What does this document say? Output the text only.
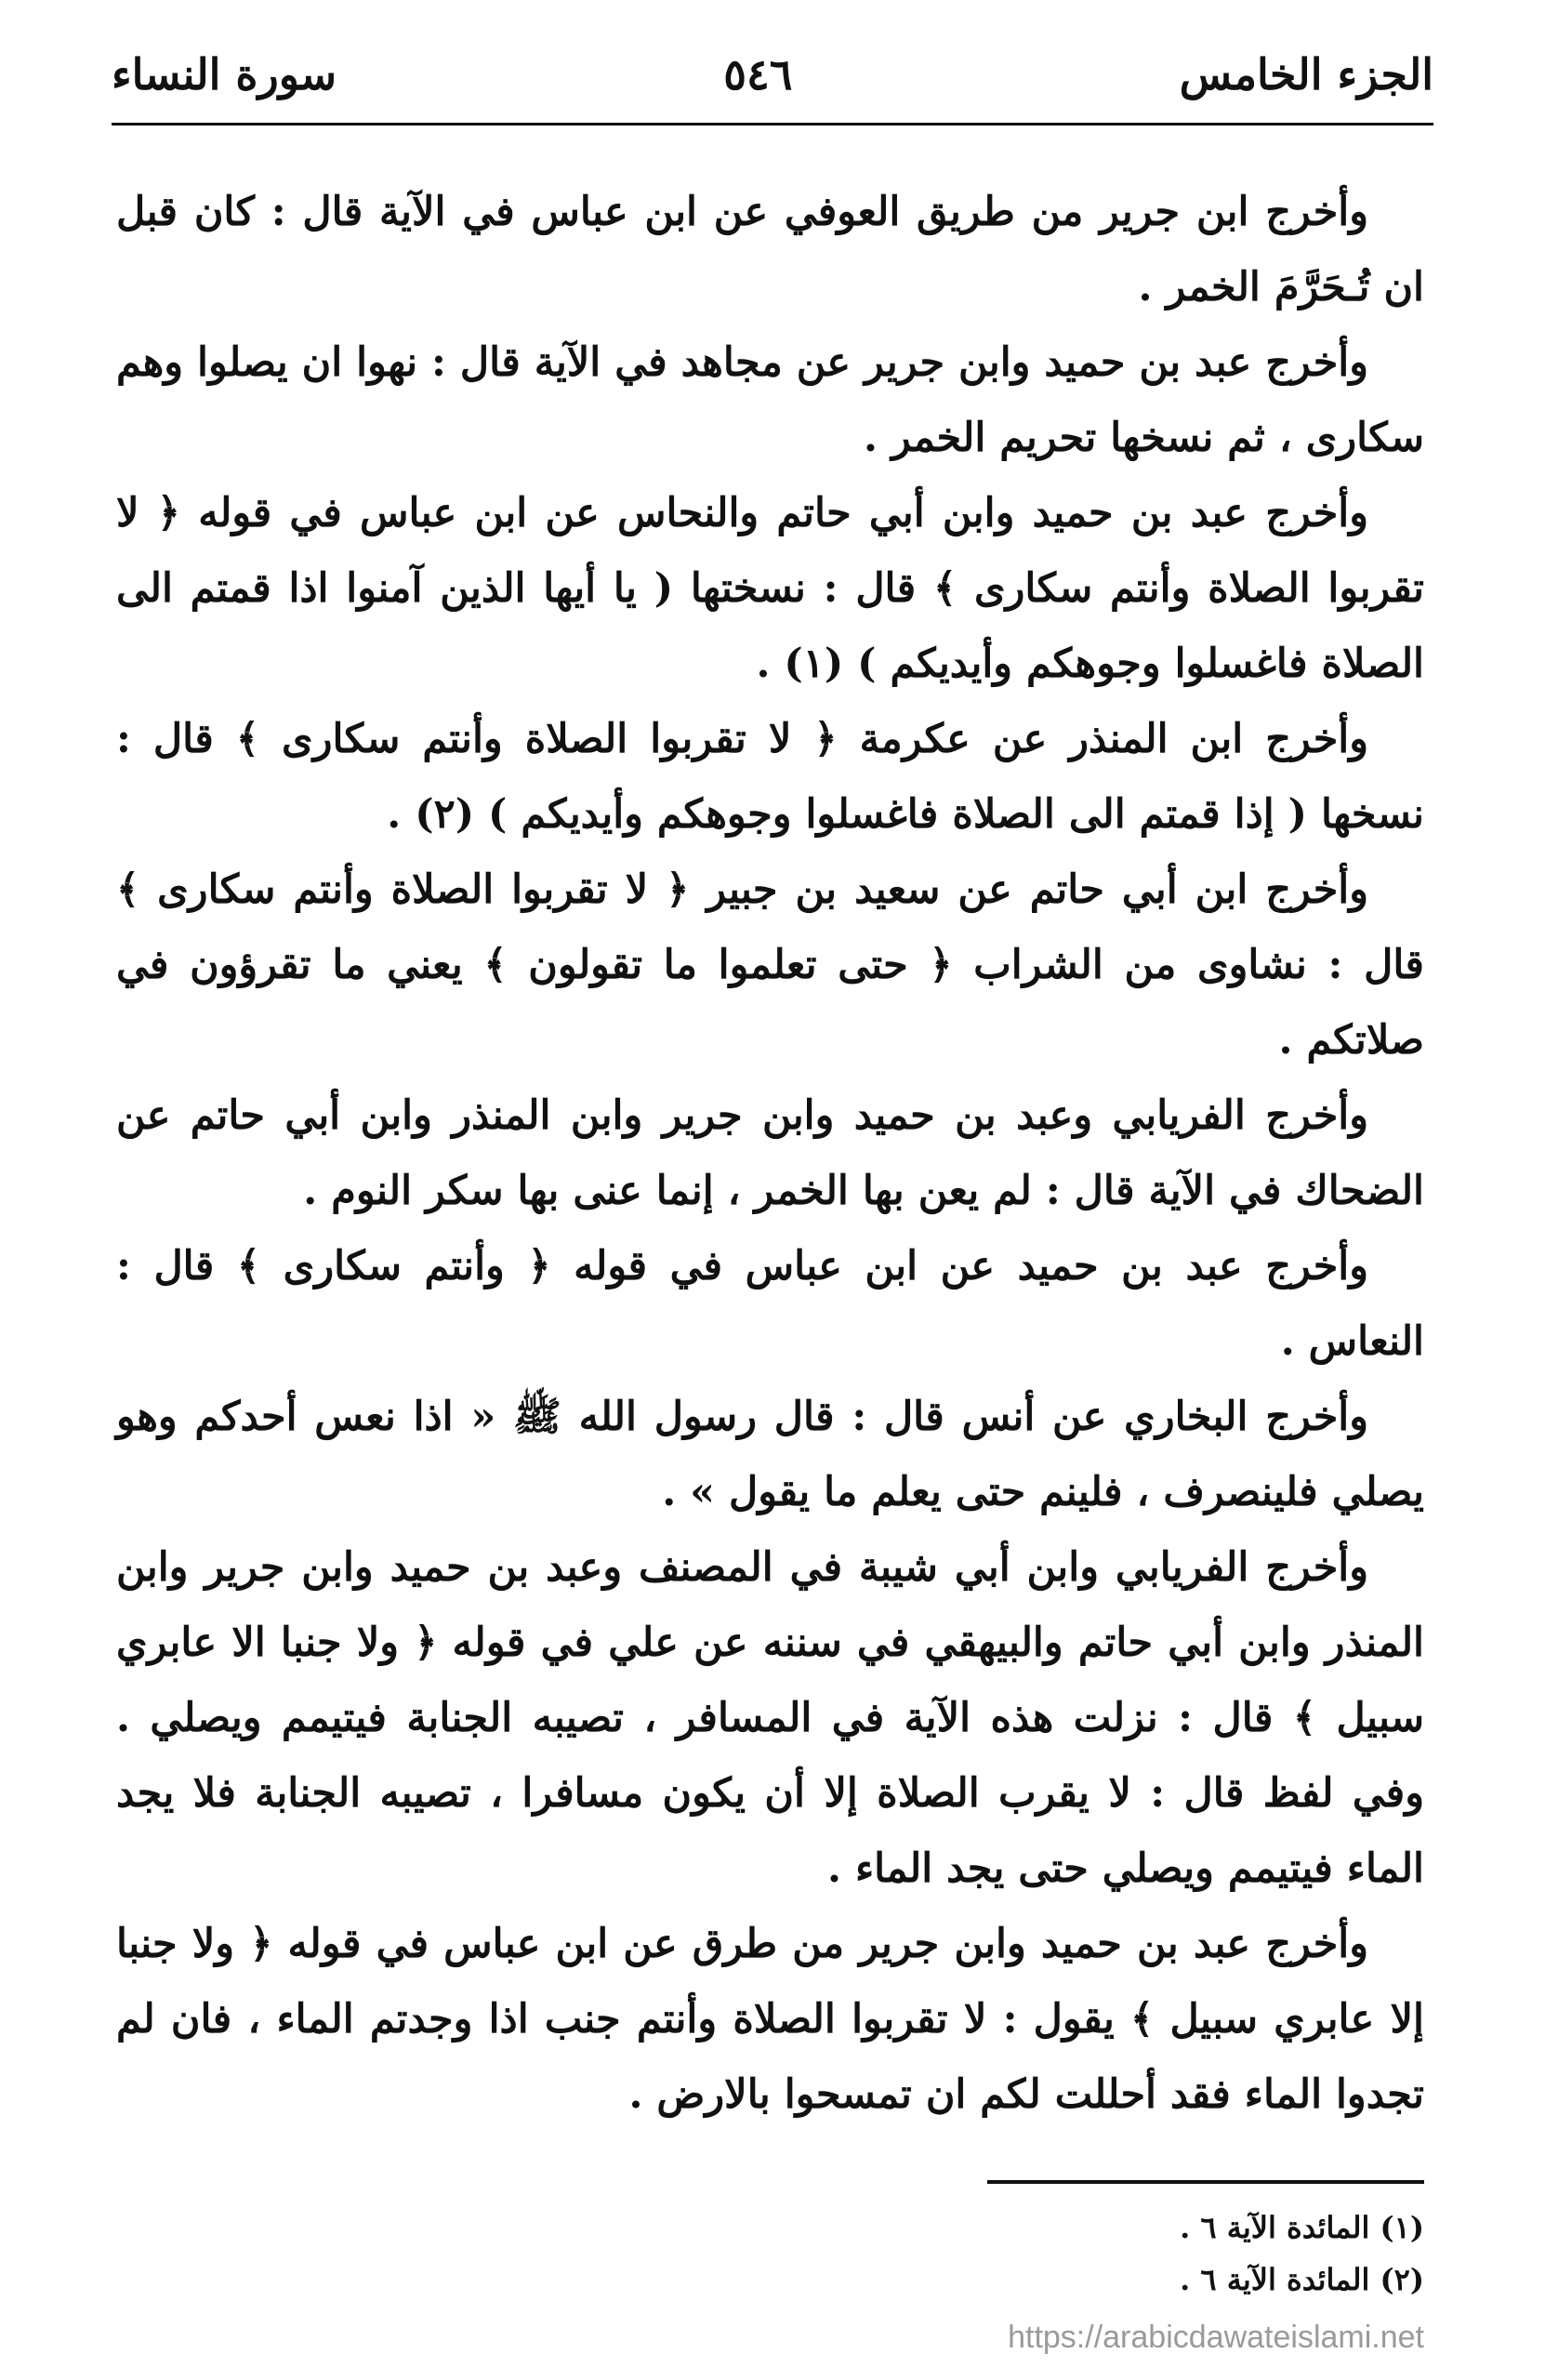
الجزء الخامس
٥٤٦
سورة النساء

وأخرج ابن جرير من طريق العوفي عن ابن عباس في الآية قال : كان قبل ان تُـحَرَّمَ الخمر .

وأخرج عبد بن حميد وابن جرير عن مجاهد في الآية قال : نهوا ان يصلوا وهم سكارى ، ثم نسخها تحريم الخمر .

وأخرج عبد بن حميد وابن أبي حاتم والنحاس عن ابن عباس في قوله ﴿ لا تقربوا الصلاة وأنتم سكارى ﴾ قال : نسختها ( يا أيها الذين آمنوا اذا قمتم الى الصلاة فاغسلوا وجوهكم وأيديكم ) (١) .

وأخرج ابن المنذر عن عكرمة ﴿ لا تقربوا الصلاة وأنتم سكارى ﴾ قال : نسخها ( إذا قمتم الى الصلاة فاغسلوا وجوهكم وأيديكم ) (٢) .

وأخرج ابن أبي حاتم عن سعيد بن جبير ﴿ لا تقربوا الصلاة وأنتم سكارى ﴾ قال : نشاوى من الشراب ﴿ حتى تعلموا ما تقولون ﴾ يعني ما تقرؤون في صلاتكم .

وأخرج الفريابي وعبد بن حميد وابن جرير وابن المنذر وابن أبي حاتم عن الضحاك في الآية قال : لم يعن بها الخمر ، إنما عنى بها سكر النوم .

وأخرج عبد بن حميد عن ابن عباس في قوله ﴿ وأنتم سكارى ﴾ قال : النعاس .

وأخرج البخاري عن أنس قال : قال رسول الله ﷺ « اذا نعس أحدكم وهو يصلي فلينصرف ، فلينم حتى يعلم ما يقول » .

وأخرج الفريابي وابن أبي شيبة في المصنف وعبد بن حميد وابن جرير وابن المنذر وابن أبي حاتم والبيهقي في سننه عن علي في قوله ﴿ ولا جنبا الا عابري سبيل ﴾ قال : نزلت هذه الآية في المسافر ، تصيبه الجنابة فيتيمم ويصلي . وفي لفظ قال : لا يقرب الصلاة إلا أن يكون مسافرا ، تصيبه الجنابة فلا يجد الماء فيتيمم ويصلي حتى يجد الماء .

وأخرج عبد بن حميد وابن جرير من طرق عن ابن عباس في قوله ﴿ ولا جنبا إلا عابري سبيل ﴾ يقول : لا تقربوا الصلاة وأنتم جنب اذا وجدتم الماء ، فان لم تجدوا الماء فقد أحللت لكم ان تمسحوا بالارض .

(١) المائدة الآية ٦ .

(٢) المائدة الآية ٦ .

https://arabicdawateislami.net
